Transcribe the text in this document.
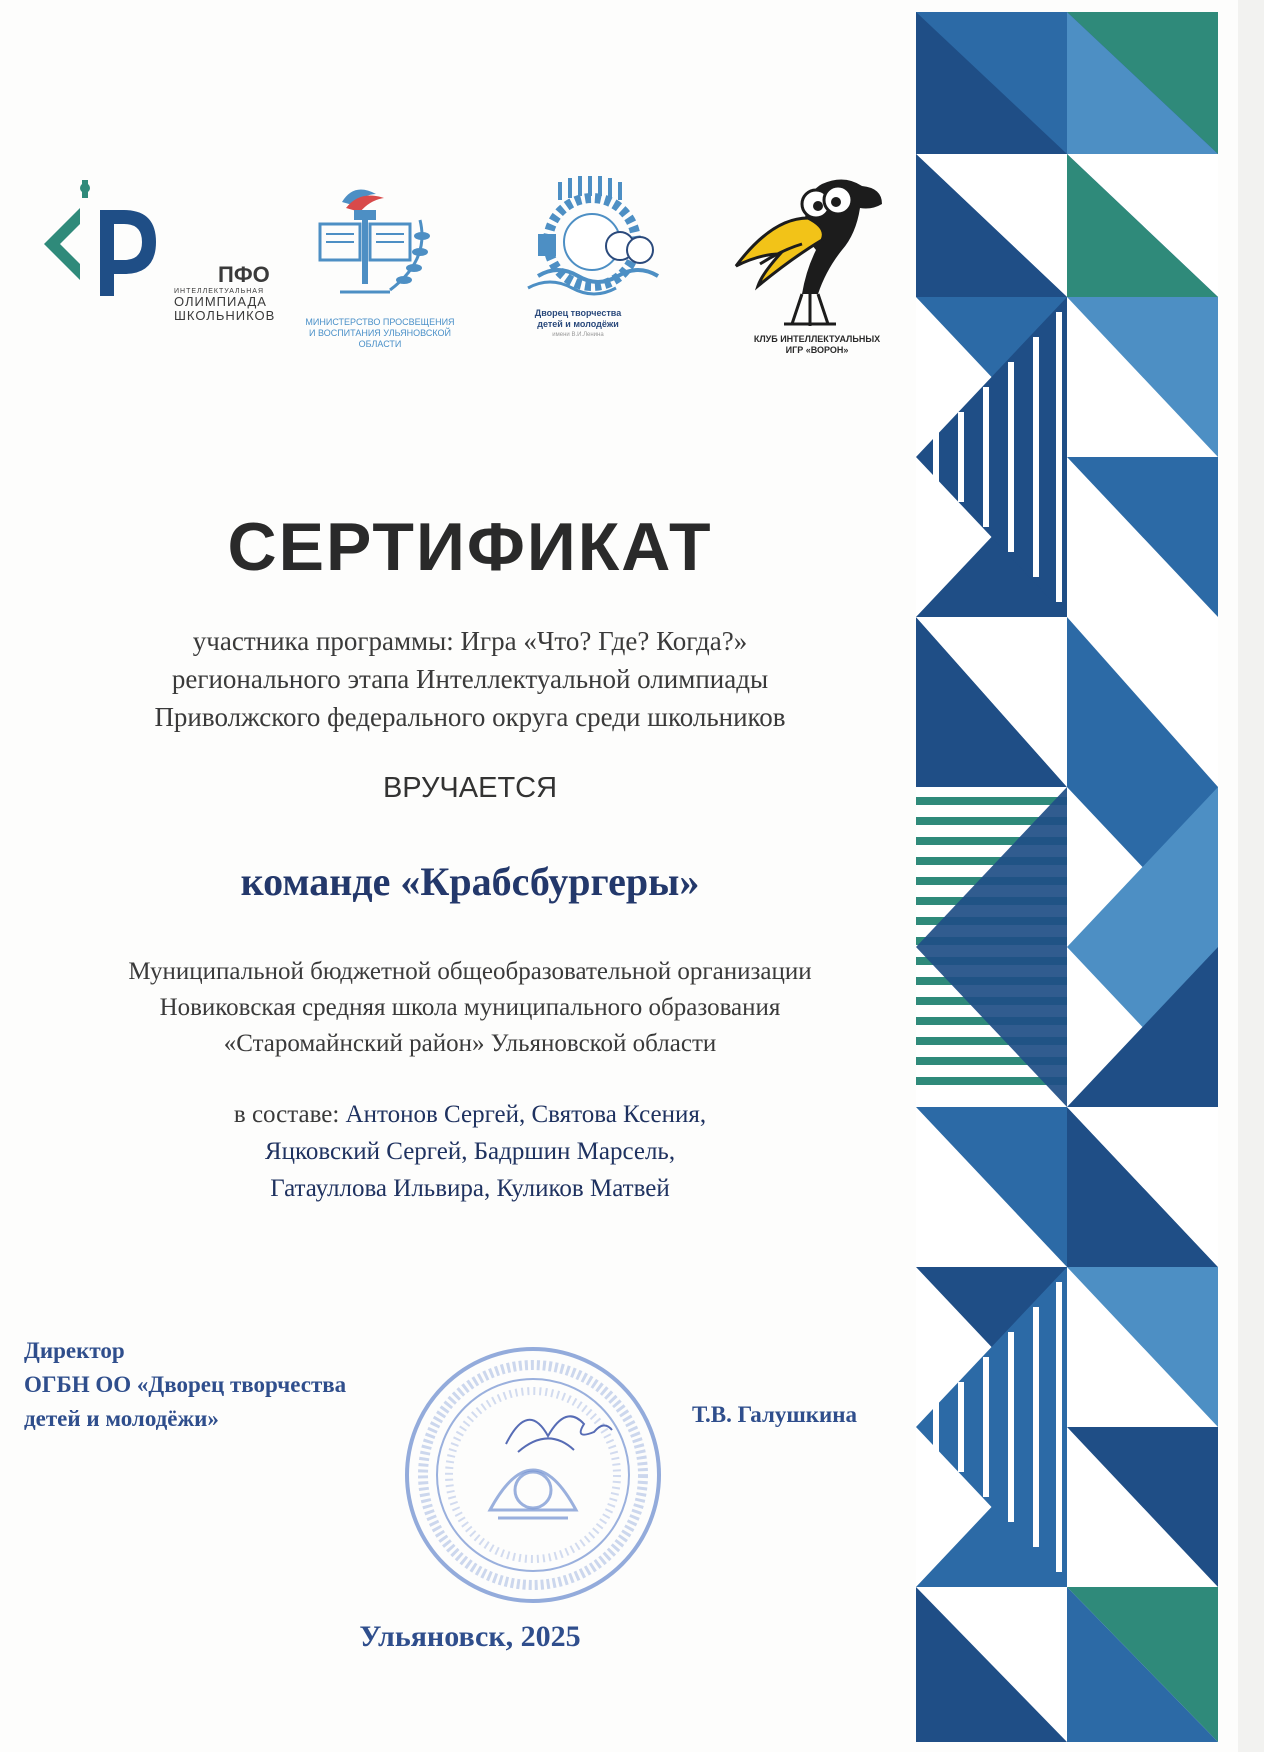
ПФО
ИНТЕЛЛЕКТУАЛЬНАЯ
ОЛИМПИАДА
ШКОЛЬНИКОВ	МИНИСТЕРСТВО ПРОСВЕЩЕНИЯ
И ВОСПИТАНИЯ УЛЬЯНОВСКОЙ
ОБЛАСТИ
Дворец творчества
детей и молодёжи
имени В.И.Ленина	КЛУБ ИНТЕЛЛЕКТУАЛЬНЫХ
ИГР «ВОРОН»
СЕРТИФИКАТ
участника программы: Игра «Что? Где? Когда?»
регионального этапа Интеллектуальной олимпиады
Приволжского федерального округа среди школьников
ВРУЧАЕТСЯ
команде «Крабсбургеры»
Муниципальной бюджетной общеобразовательной организации
Новиковская средняя школа муниципального образования
«Старомайнский район» Ульяновской области
в составе: Антонов Сергей, Святова Ксения,
Яцковский Сергей, Бадршин Марсель,
Гатауллова Ильвира, Куликов Матвей
Директор
ОГБН ОО «Дворец творчества
детей и молодёжи»	Т.В. Галушкина
Ульяновск, 2025
